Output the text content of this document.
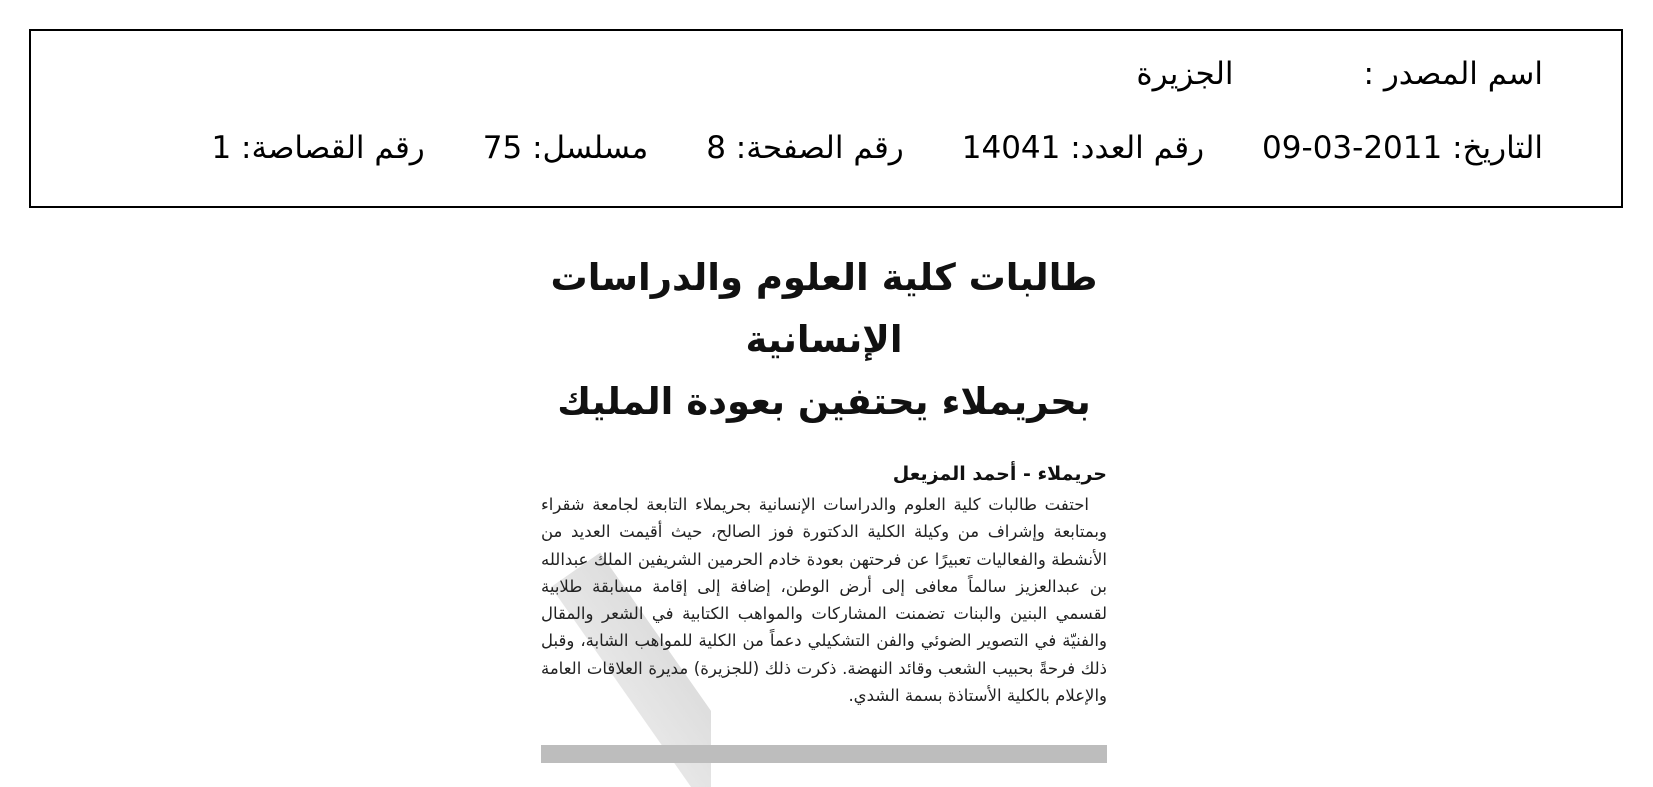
اسم المصدر :الجزيرة
التاريخ: 2011-03-09رقم العدد: 14041رقم الصفحة: 8مسلسل: 75رقم القصاصة: 1
طالبات كلية العلوم والدراسات الإنسانية
بحريملاء يحتفين بعودة المليك
حريملاء - أحمد المزيعل
احتفت طالبات كلية العلوم والدراسات الإنسانية بحريملاء التابعة لجامعة شقراء وبمتابعة وإشراف من وكيلة الكلية الدكتورة فوز الصالح، حيث أقيمت العديد من الأنشطة والفعاليات تعبيرًا عن فرحتهن بعودة خادم الحرمين الشريفين الملك عبدالله بن عبدالعزيز سالماً معافى إلى أرض الوطن، إضافة إلى إقامة مسابقة طلابية لقسمي البنين والبنات تضمنت المشاركات والمواهب الكتابية في الشعر والمقال والفنيّة في التصوير الضوئي والفن التشكيلي دعماً من الكلية للمواهب الشابة، وقبل ذلك فرحةً بحبيب الشعب وقائد النهضة. ذكرت ذلك (للجزيرة) مديرة العلاقات العامة والإعلام بالكلية الأستاذة بسمة الشدي.
